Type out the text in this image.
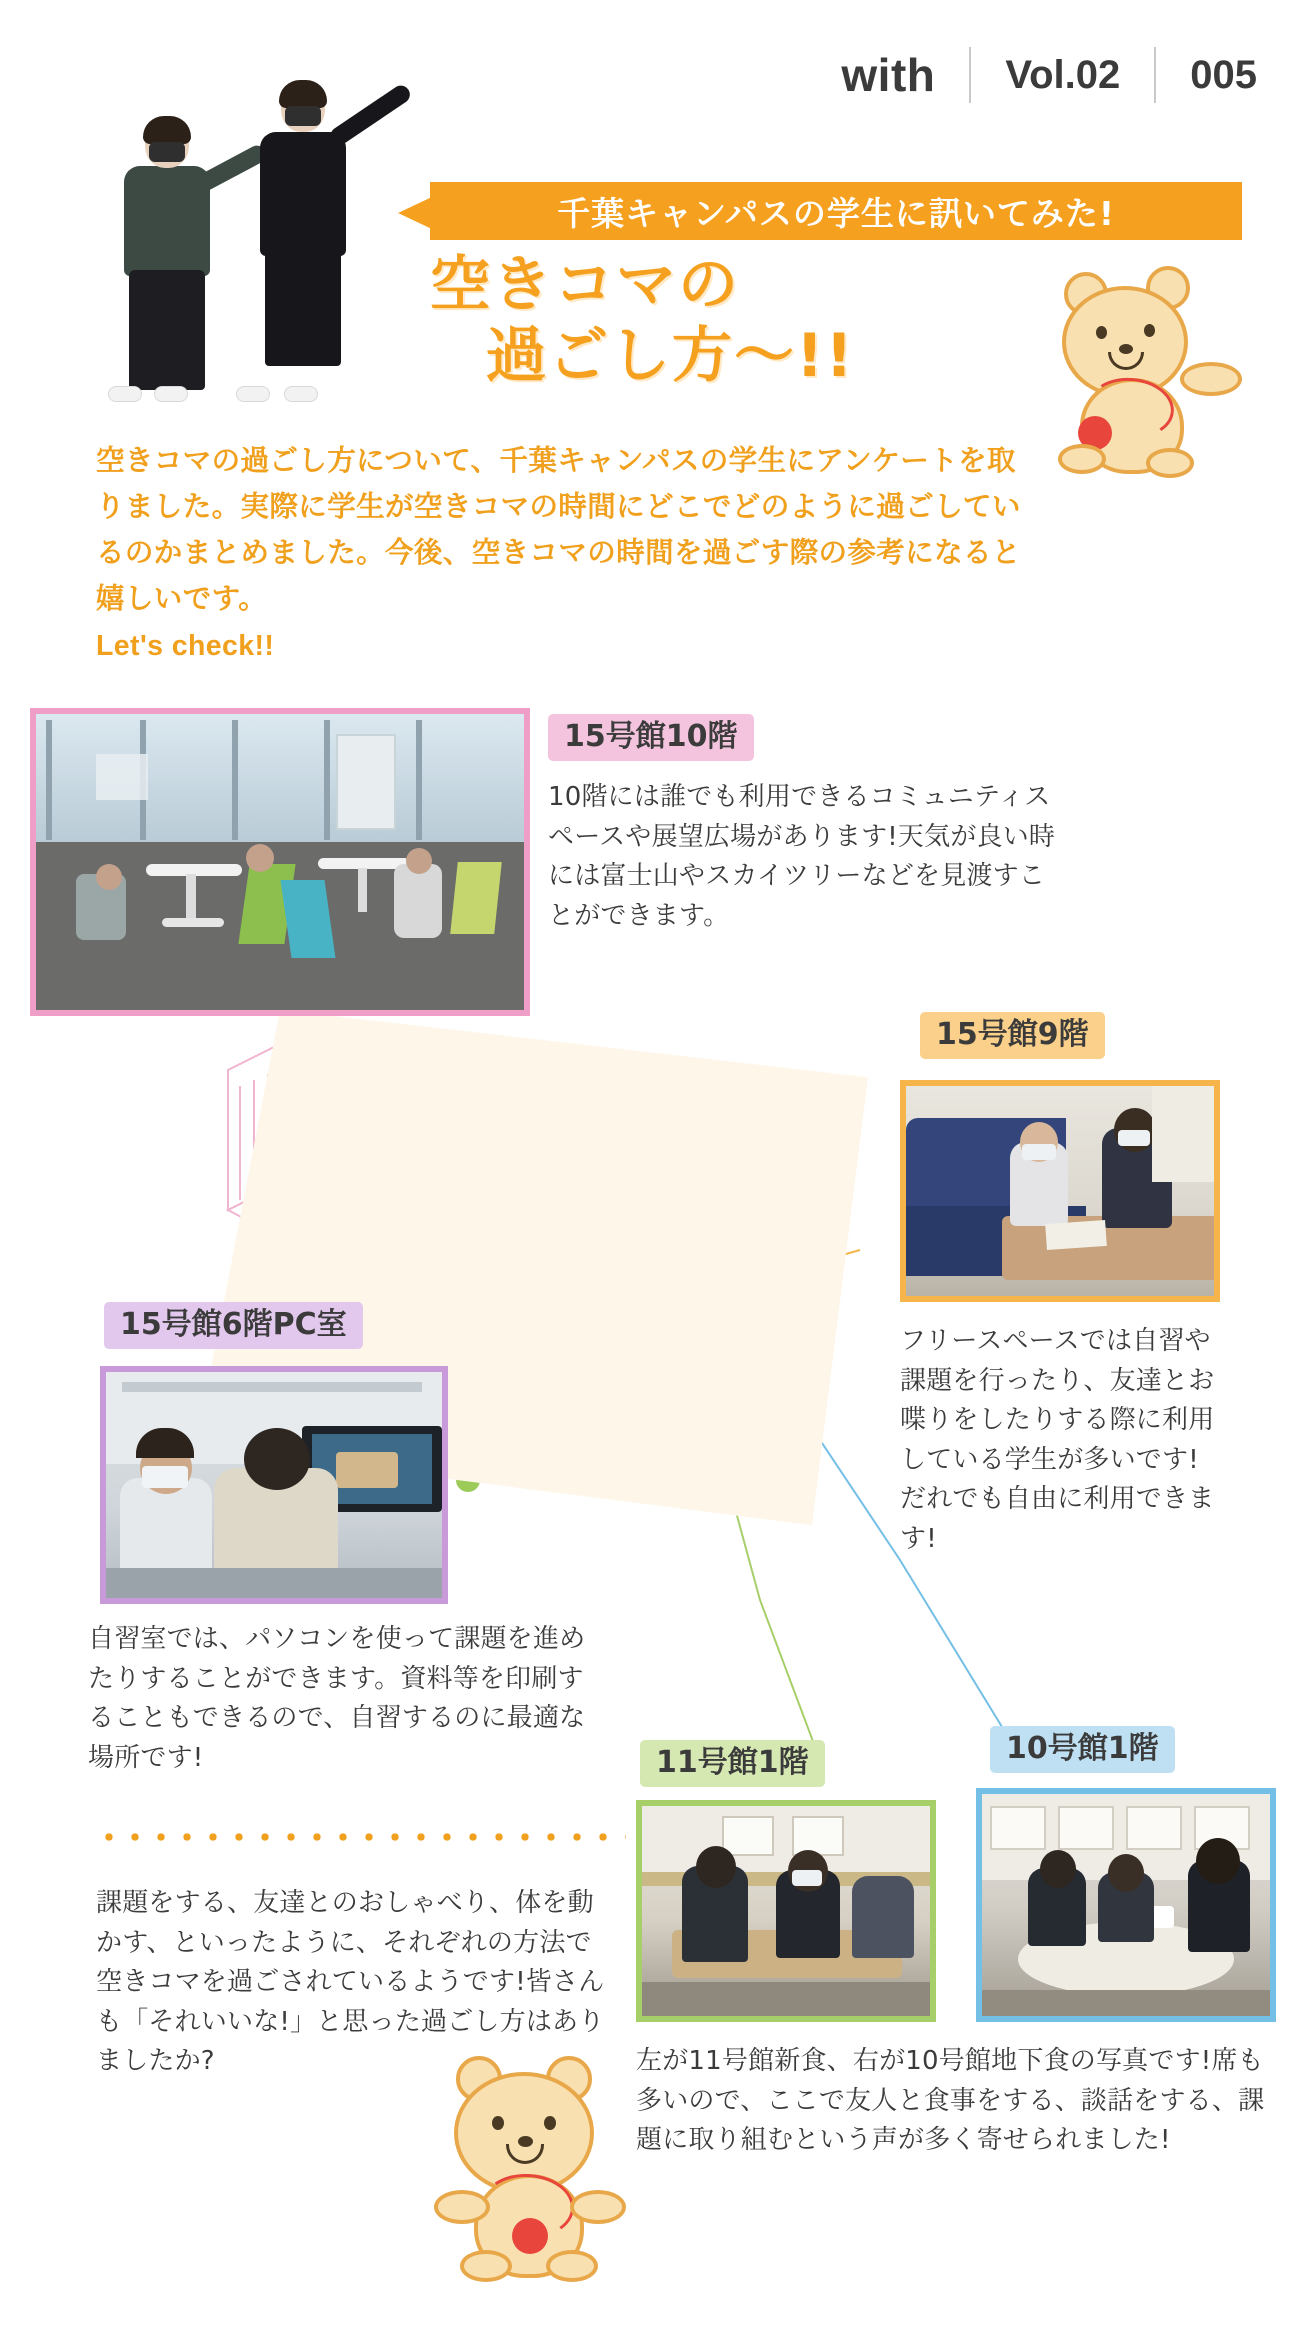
with	Vol.02	005
千葉キャンパスの学生に訊いてみた!
空きコマの
過ごし方〜!!
空きコマの過ごし方について、千葉キャンパスの学生にアンケートを取りました。実際に学生が空きコマの時間にどこでどのように過ごしているのかまとめました。今後、空きコマの時間を過ごす際の参考になると嬉しいです。
Let's check!!
15号館10階
10階には誰でも利用できるコミュニティスペースや展望広場があります!天気が良い時には富士山やスカイツリーなどを見渡すことができます。
15号館9階
フリースペースでは自習や課題を行ったり、友達とお喋りをしたりする際に利用している学生が多いです!だれでも自由に利用できます!
15号館6階PC室
自習室では、パソコンを使って課題を進めたりすることができます。資料等を印刷することもできるので、自習するのに最適な場所です!
課題をする、友達とのおしゃべり、体を動かす、といったように、それぞれの方法で空きコマを過ごされているようです!皆さんも「それいいな!」と思った過ごし方はありましたか?
11号館1階	10号館1階
左が11号館新食、右が10号館地下食の写真です!席も多いので、ここで友人と食事をする、談話をする、課題に取り組むという声が多く寄せられました!
